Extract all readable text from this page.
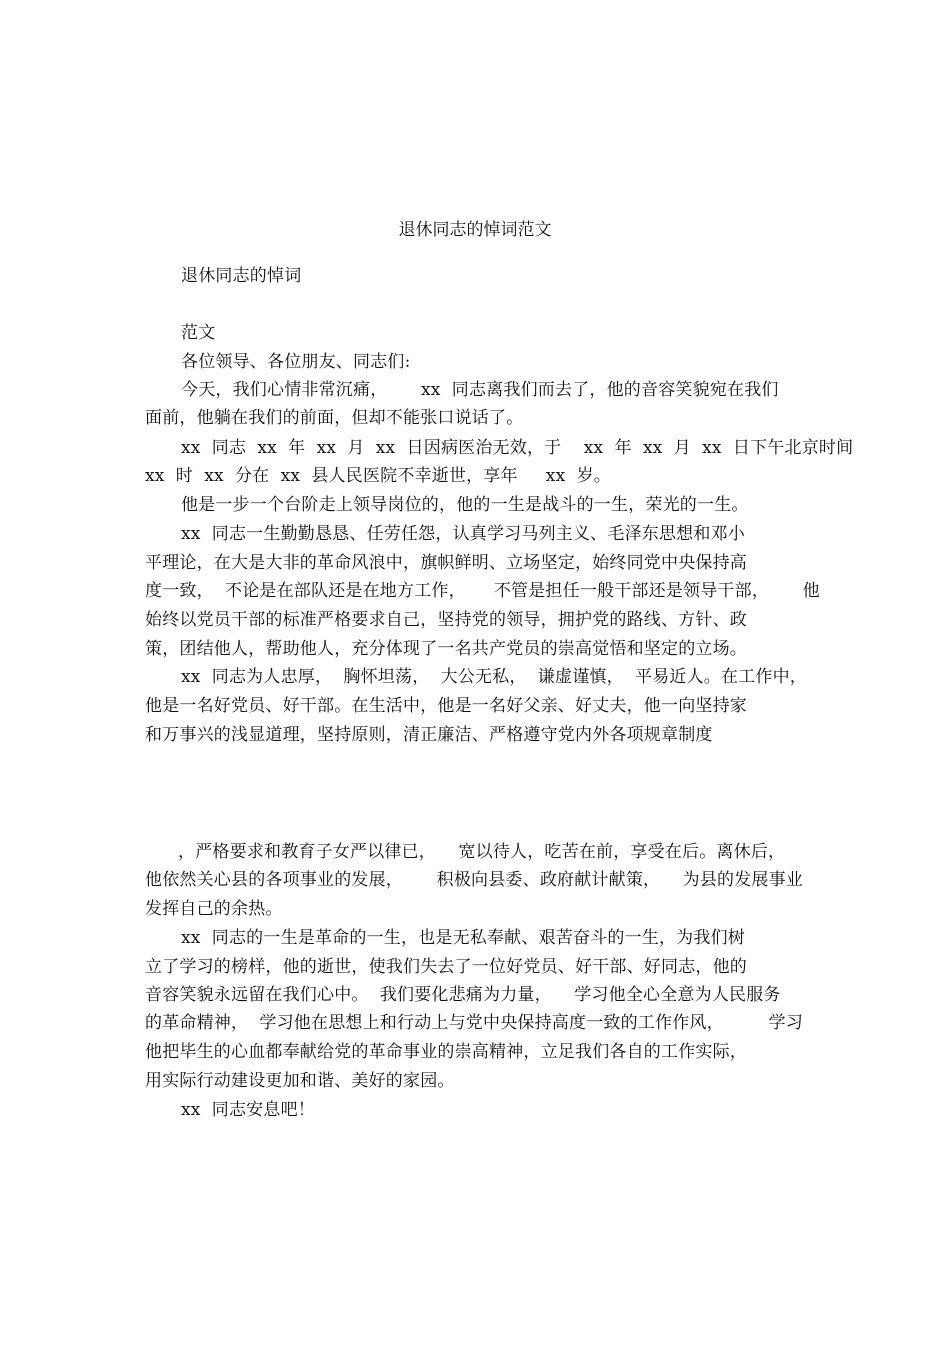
退休同志的悼词范文
退休同志的悼词
范文
各位领导、各位朋友、同志们:
今天，我们心情非常沉痛，      xx  同志离我们而去了，他的音容笑貌宛在我们
面前，他躺在我们的前面，但却不能张口说话了。
xx  同志  xx  年  xx  月  xx  日因病医治无效，于    xx  年  xx  月  xx  日下午北京时间
xx  时  xx  分在  xx  县人民医院不幸逝世，享年     xx  岁。
他是一步一个台阶走上领导岗位的，他的一生是战斗的一生，荣光的一生。
xx  同志一生勤勤恳恳、任劳任怨，认真学习马列主义、毛泽东思想和邓小
平理论，在大是大非的革命风浪中，旗帜鲜明、立场坚定，始终同党中央保持高
度一致，  不论是在部队还是在地方工作，     不管是担任一般干部还是领导干部，      他
始终以党员干部的标准严格要求自己，坚持党的领导，拥护党的路线、方针、政
策，团结他人，帮助他人，充分体现了一名共产党员的崇高觉悟和坚定的立场。
xx  同志为人忠厚，  胸怀坦荡，  大公无私，  谦虚谨慎，  平易近人。在工作中，
他是一名好党员、好干部。在生活中，他是一名好父亲、好丈夫，他一向坚持家
和万事兴的浅显道理，坚持原则，清正廉洁、严格遵守党内外各项规章制度
，严格要求和教育子女严以律已，    宽以待人，吃苦在前，享受在后。离休后，
他依然关心县的各项事业的发展，      积极向县委、政府献计献策，    为县的发展事业
发挥自己的余热。
xx  同志的一生是革命的一生，也是无私奉献、艰苦奋斗的一生，为我们树
立了学习的榜样，他的逝世，使我们失去了一位好党员、好干部、好同志，他的
音容笑貌永远留在我们心中。  我们要化悲痛为力量，    学习他全心全意为人民服务
的革命精神，  学习他在思想上和行动上与党中央保持高度一致的工作作风，        学习
他把毕生的心血都奉献给党的革命事业的崇高精神，立足我们各自的工作实际，
用实际行动建设更加和谐、美好的家园。
xx  同志安息吧！
